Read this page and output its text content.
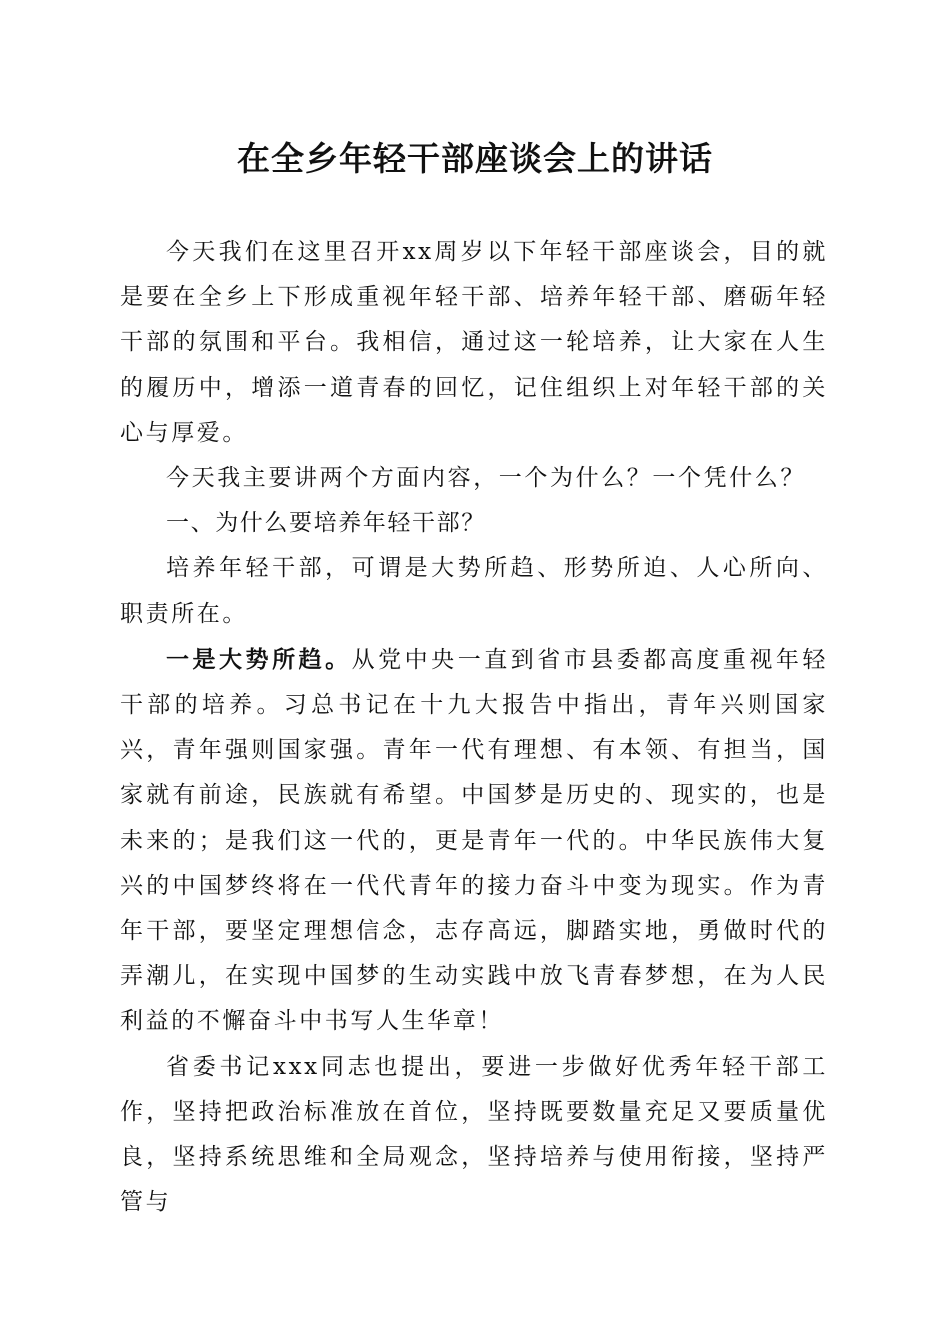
在全乡年轻干部座谈会上的讲话

今天我们在这里召开xx周岁以下年轻干部座谈会，目的就是要在全乡上下形成重视年轻干部、培养年轻干部、磨砺年轻干部的氛围和平台。我相信，通过这一轮培养，让大家在人生的履历中，增添一道青春的回忆，记住组织上对年轻干部的关心与厚爱。

今天我主要讲两个方面内容，一个为什么？一个凭什么？

一、为什么要培养年轻干部？

培养年轻干部，可谓是大势所趋、形势所迫、人心所向、职责所在。

一是大势所趋。从党中央一直到省市县委都高度重视年轻干部的培养。习总书记在十九大报告中指出，青年兴则国家兴，青年强则国家强。青年一代有理想、有本领、有担当，国家就有前途，民族就有希望。中国梦是历史的、现实的，也是未来的；是我们这一代的，更是青年一代的。中华民族伟大复兴的中国梦终将在一代代青年的接力奋斗中变为现实。作为青年干部，要坚定理想信念，志存高远，脚踏实地，勇做时代的弄潮儿，在实现中国梦的生动实践中放飞青春梦想，在为人民利益的不懈奋斗中书写人生华章！

省委书记xxx同志也提出，要进一步做好优秀年轻干部工作，坚持把政治标准放在首位，坚持既要数量充足又要质量优良，坚持系统思维和全局观念，坚持培养与使用衔接，坚持严管与
